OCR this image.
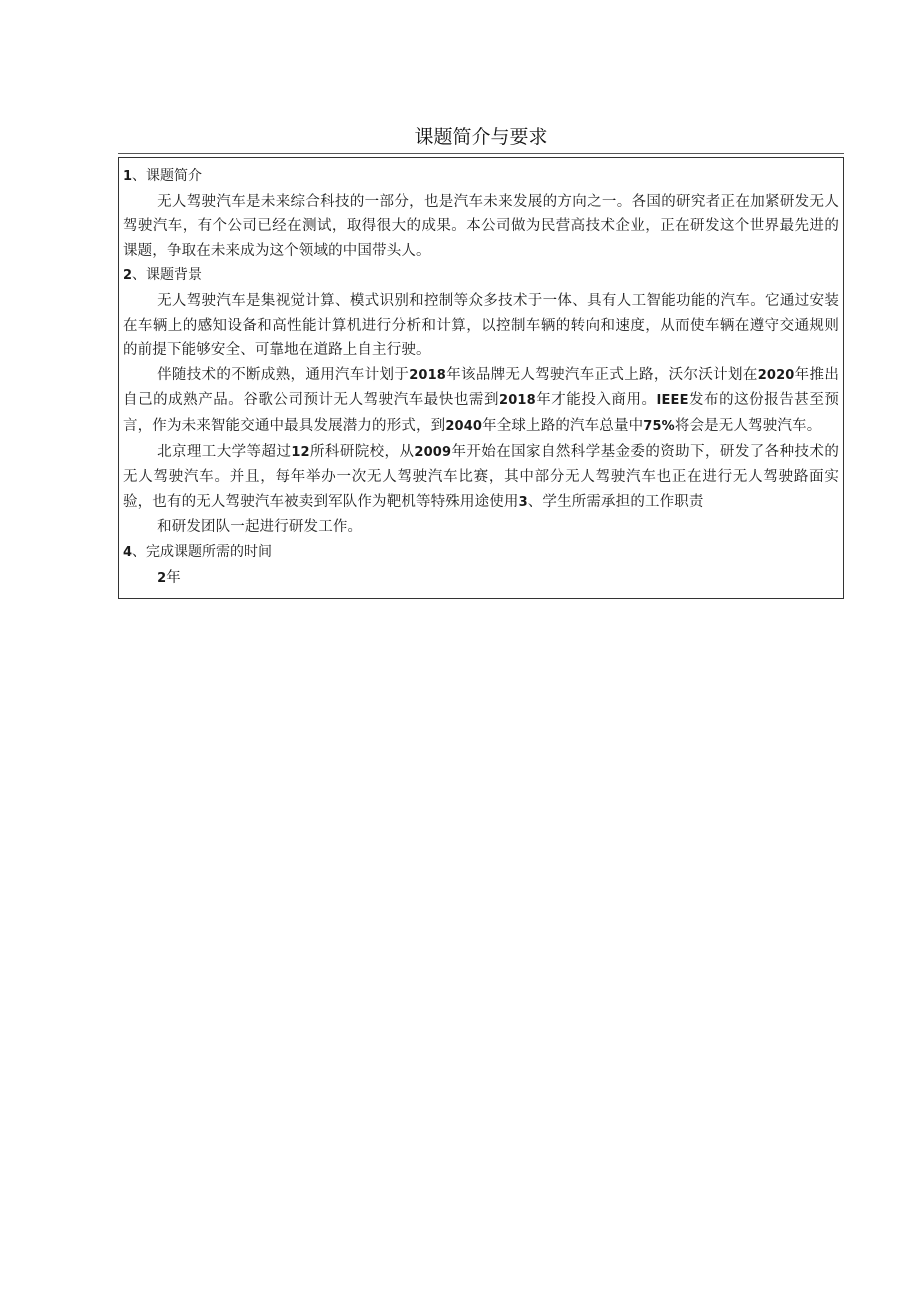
课题简介与要求

1、课题简介

无人驾驶汽车是未来综合科技的一部分，也是汽车未来发展的方向之一。各国的研究者正在加紧研发无人驾驶汽车，有个公司已经在测试，取得很大的成果。本公司做为民营高技术企业，正在研发这个世界最先进的课题，争取在未来成为这个领域的中国带头人。

2、课题背景

无人驾驶汽车是集视觉计算、模式识别和控制等众多技术于一体、具有人工智能功能的汽车。它通过安装在车辆上的感知设备和高性能计算机进行分析和计算，以控制车辆的转向和速度，从而使车辆在遵守交通规则的前提下能够安全、可靠地在道路上自主行驶。

伴随技术的不断成熟，通用汽车计划于2018年该品牌无人驾驶汽车正式上路，沃尔沃计划在2020年推出自己的成熟产品。谷歌公司预计无人驾驶汽车最快也需到2018年才能投入商用。IEEE发布的这份报告甚至预言，作为未来智能交通中最具发展潜力的形式，到2040年全球上路的汽车总量中75%将会是无人驾驶汽车。

北京理工大学等超过12所科研院校，从2009年开始在国家自然科学基金委的资助下，研发了各种技术的无人驾驶汽车。并且，每年举办一次无人驾驶汽车比赛，其中部分无人驾驶汽车也正在进行无人驾驶路面实验，也有的无人驾驶汽车被卖到军队作为靶机等特殊用途使用3、学生所需承担的工作职责

和研发团队一起进行研发工作。

4、完成课题所需的时间

2年
